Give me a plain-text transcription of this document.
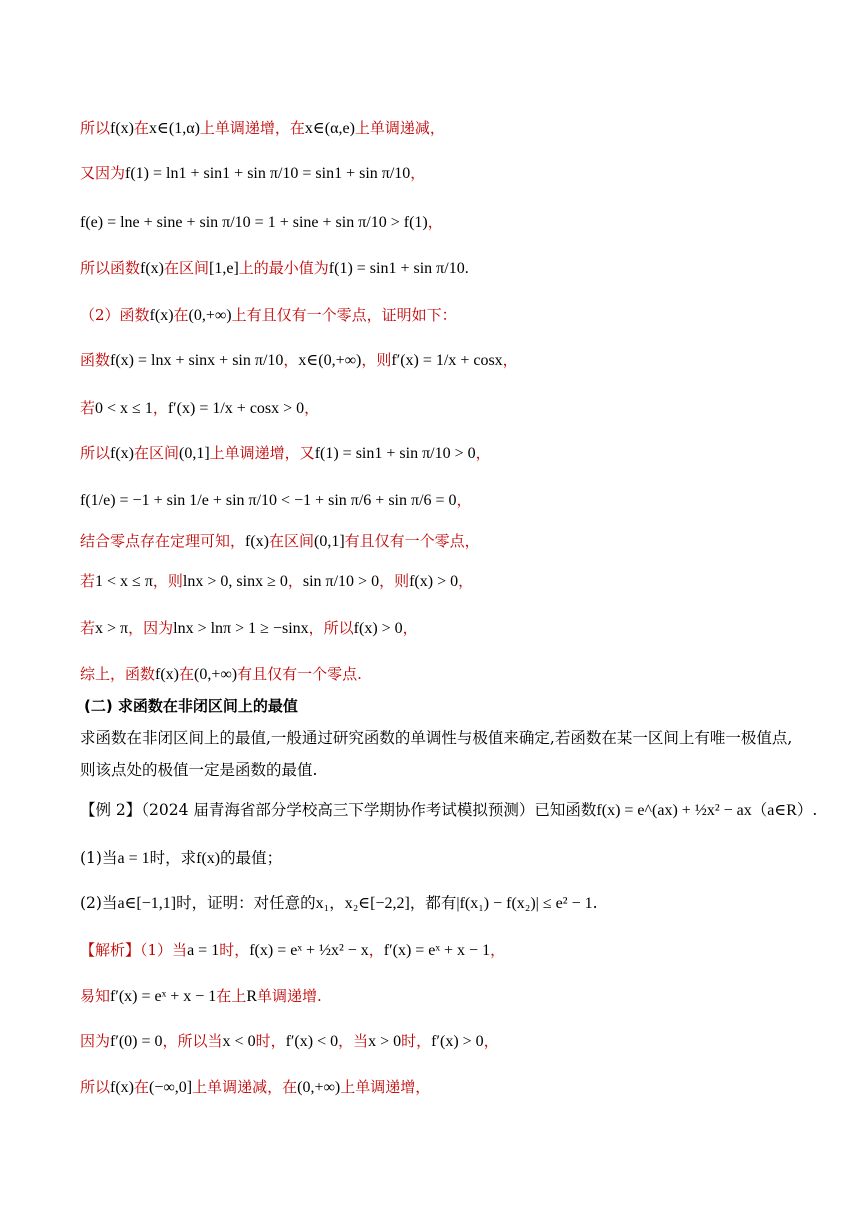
所以f(x)在x∈(1,α)上单调递增，在x∈(α,e)上单调递减，
又因为f(1) = ln1 + sin1 + sin π/10 = sin1 + sin π/10，
f(e) = lne + sine + sin π/10 = 1 + sine + sin π/10 > f(1)，
所以函数f(x)在区间[1,e]上的最小值为f(1) = sin1 + sin π/10.
（2）函数f(x)在(0,+∞)上有且仅有一个零点，证明如下：
函数f(x) = lnx + sinx + sin π/10，x∈(0,+∞)，则f′(x) = 1/x + cosx，
若0 < x ≤ 1，f′(x) = 1/x + cosx > 0，
所以f(x)在区间(0,1]上单调递增，又f(1) = sin1 + sin π/10 > 0，
f(1/e) = −1 + sin 1/e + sin π/10 < −1 + sin π/6 + sin π/6 = 0，
结合零点存在定理可知，f(x)在区间(0,1]有且仅有一个零点，
若1 < x ≤ π，则lnx > 0, sinx ≥ 0，sin π/10 > 0，则f(x) > 0，
若x > π，因为lnx > lnπ > 1 ≥ −sinx，所以f(x) > 0，
综上，函数f(x)在(0,+∞)有且仅有一个零点.
(二) 求函数在非闭区间上的最值
求函数在非闭区间上的最值,一般通过研究函数的单调性与极值来确定,若函数在某一区间上有唯一极值点,
则该点处的极值一定是函数的最值.
【例 2】（2024 届青海省部分学校高三下学期协作考试模拟预测）已知函数f(x) = e^(ax) + ½x² − ax（a∈R）.
(1)当a = 1时，求f(x)的最值；
(2)当a∈[−1,1]时，证明：对任意的x₁，x₂∈[−2,2]，都有|f(x₁) − f(x₂)| ≤ e² − 1.
【解析】（1）当a = 1时，f(x) = eˣ + ½x² − x，f′(x) = eˣ + x − 1，
易知f′(x) = eˣ + x − 1在上R单调递增.
因为f′(0) = 0，所以当x < 0时，f′(x) < 0，当x > 0时，f′(x) > 0，
所以f(x)在(−∞,0]上单调递减，在(0,+∞)上单调递增，
